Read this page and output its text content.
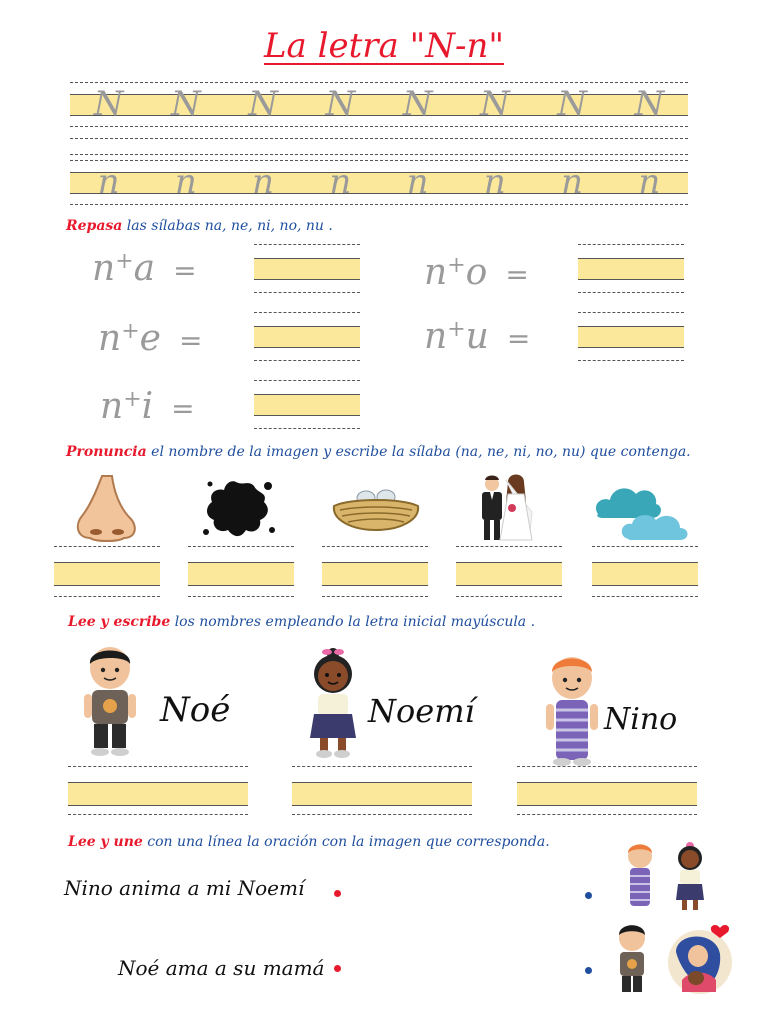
La letra "N-n"
N	N	N	N	N	N	N	N
n	n	n	n	n	n	n	n
Repasa las sílabas na, ne, ni, no, nu .
n+a =
n+e =
n+i =
n+o =
n+u =
Pronuncia el nombre de la imagen y escribe la sílaba (na, ne, ni, no, nu) que contenga.
Lee y escribe los nombres empleando la letra inicial mayúscula .
Noé	Noemí	Nino
Lee y une con una línea la oración con la imagen que corresponda.
Nino anima a mi Noemí
Noé ama a su mamá
